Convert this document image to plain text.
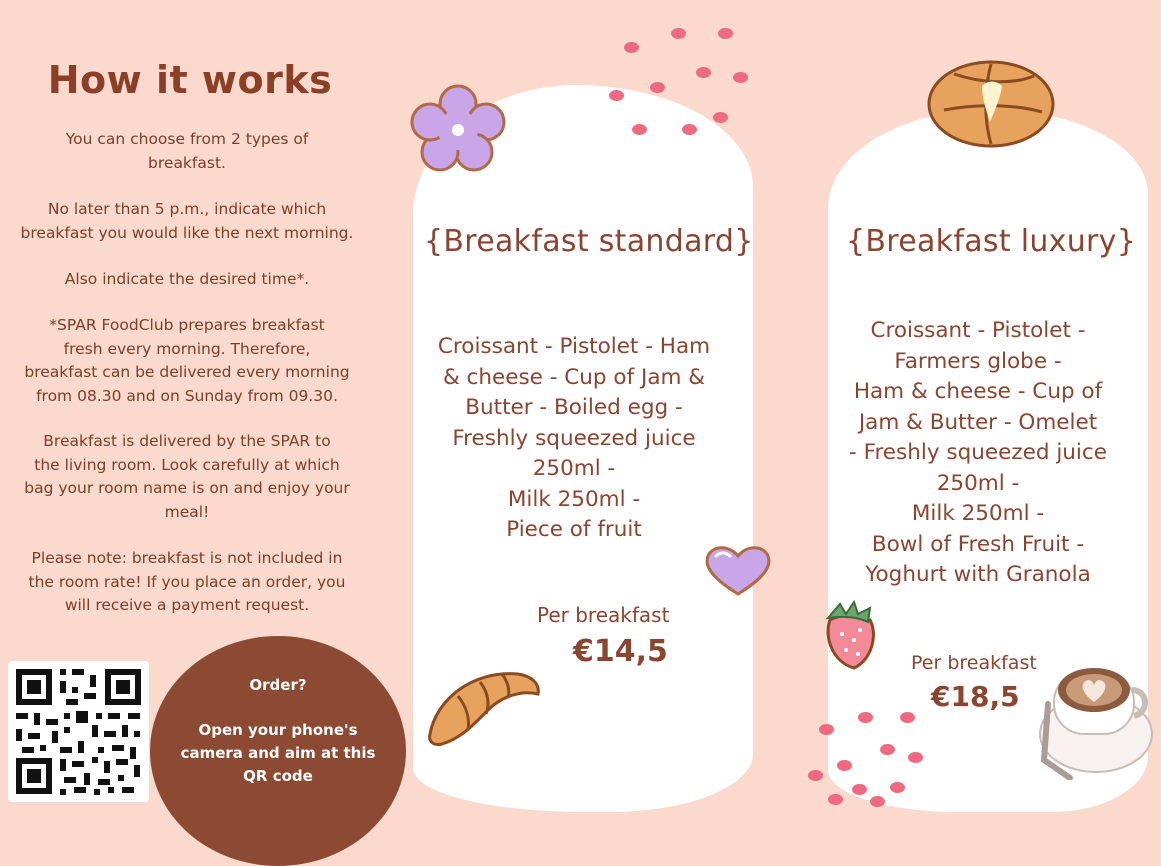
How it works
You can choose from 2 types of
breakfast.
No later than 5 p.m., indicate which
breakfast you would like the next morning.
Also indicate the desired time*.
*SPAR FoodClub prepares breakfast
fresh every morning. Therefore,
breakfast can be delivered every morning
from 08.30 and on Sunday from 09.30.
Breakfast is delivered by the SPAR to
the living room. Look carefully at which
bag your room name is on and enjoy your
meal!
Please note: breakfast is not included in
the room rate! If you place an order, you
will receive a payment request.
Order?
Open your phone's
camera and aim at this
QR code
{Breakfast standard}
Croissant - Pistolet - Ham
& cheese - Cup of Jam &
Butter - Boiled egg -
Freshly squeezed juice
250ml -
Milk 250ml -
Piece of fruit
Per breakfast
€14,5
{Breakfast luxury}
Croissant - Pistolet -
Farmers globe -
Ham & cheese - Cup of
Jam & Butter - Omelet
- Freshly squeezed juice
250ml -
Milk 250ml -
Bowl of Fresh Fruit -
Yoghurt with Granola
Per breakfast
€18,5
